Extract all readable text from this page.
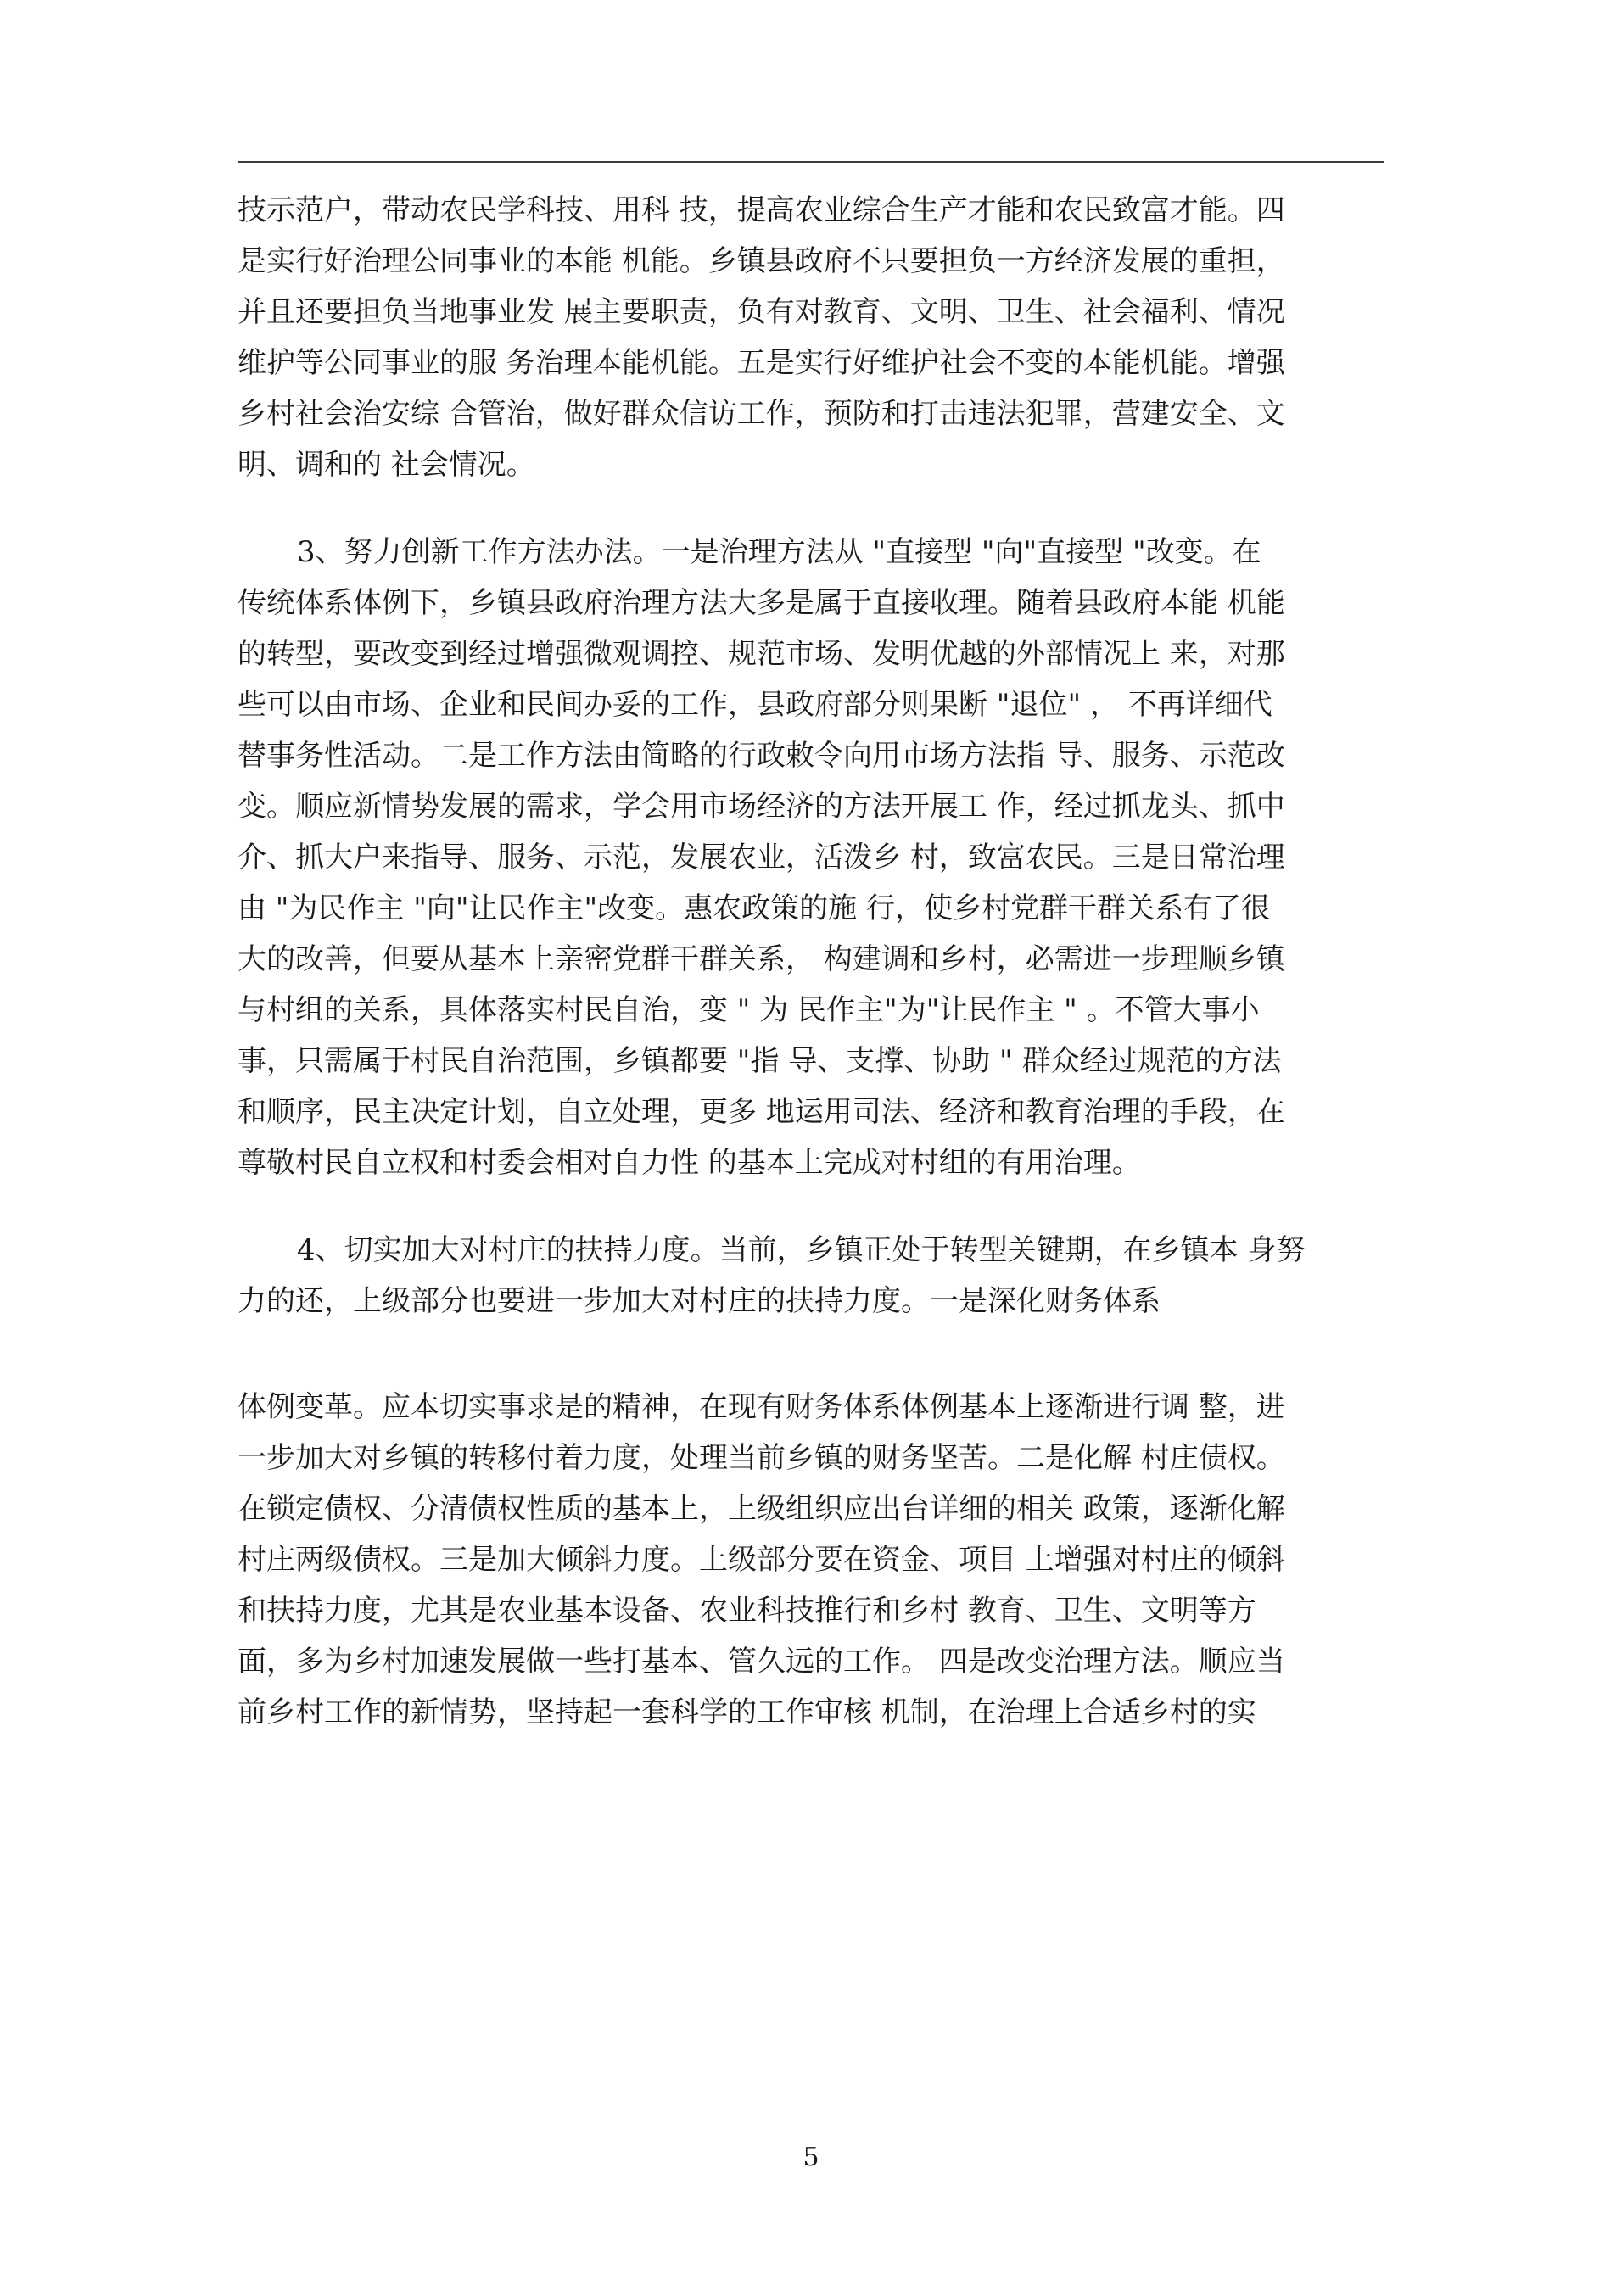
技示范户，带动农民学科技、用科 技，提高农业综合生产才能和农民致富才能。四
是实行好治理公同事业的本能 机能。乡镇县政府不只要担负一方经济发展的重担，
并且还要担负当地事业发 展主要职责，负有对教育、文明、卫生、社会福利、情况
维护等公同事业的服 务治理本能机能。五是实行好维护社会不变的本能机能。增强
乡村社会治安综 合管治，做好群众信访工作，预防和打击违法犯罪，营建安全、文
明、调和的 社会情况。
3、努力创新工作方法办法。一是治理方法从 "直接型 "向"直接型 "改变。在
传统体系体例下，乡镇县政府治理方法大多是属于直接收理。随着县政府本能 机能
的转型，要改变到经过增强微观调控、规范市场、发明优越的外部情况上 来，对那
些可以由市场、企业和民间办妥的工作，县政府部分则果断 "退位" ， 不再详细代
替事务性活动。二是工作方法由简略的行政敕令向用市场方法指 导、服务、示范改
变。顺应新情势发展的需求，学会用市场经济的方法开展工 作，经过抓龙头、抓中
介、抓大户来指导、服务、示范，发展农业，活泼乡 村，致富农民。三是日常治理
由 "为民作主 "向"让民作主"改变。惠农政策的施 行，使乡村党群干群关系有了很
大的改善，但要从基本上亲密党群干群关系， 构建调和乡村，必需进一步理顺乡镇
与村组的关系，具体落实村民自治，变 " 为 民作主"为"让民作主 " 。不管大事小
事，只需属于村民自治范围，乡镇都要 "指 导、支撑、协助 " 群众经过规范的方法
和顺序，民主决定计划，自立处理，更多 地运用司法、经济和教育治理的手段，在
尊敬村民自立权和村委会相对自力性 的基本上完成对村组的有用治理。
4、切实加大对村庄的扶持力度。当前，乡镇正处于转型关键期，在乡镇本 身努
力的还，上级部分也要进一步加大对村庄的扶持力度。一是深化财务体系
体例变革。应本切实事求是的精神，在现有财务体系体例基本上逐渐进行调 整，进
一步加大对乡镇的转移付着力度，处理当前乡镇的财务坚苦。二是化解 村庄债权。
在锁定债权、分清债权性质的基本上，上级组织应出台详细的相关 政策，逐渐化解
村庄两级债权。三是加大倾斜力度。上级部分要在资金、项目 上增强对村庄的倾斜
和扶持力度，尤其是农业基本设备、农业科技推行和乡村 教育、卫生、文明等方
面，多为乡村加速发展做一些打基本、管久远的工作。 四是改变治理方法。顺应当
前乡村工作的新情势，坚持起一套科学的工作审核 机制，在治理上合适乡村的实
5
